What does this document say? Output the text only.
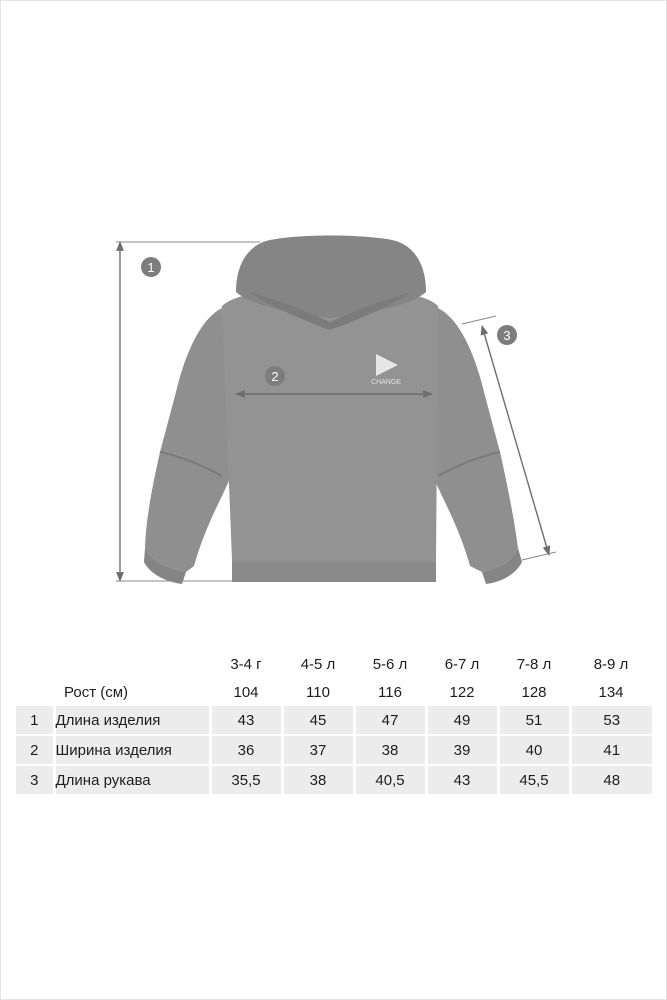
CHANGE
1
2
3
		3-4 г	4-5 л	5-6 л	6-7 л	7-8 л	8-9 л
	Рост (см)	104	110	116	122	128	134
1	Длина изделия	43	45	47	49	51	53

2	Ширина изделия	36	37	38	39	40	41

3	Длина рукава	35,5	38	40,5	43	45,5	48
